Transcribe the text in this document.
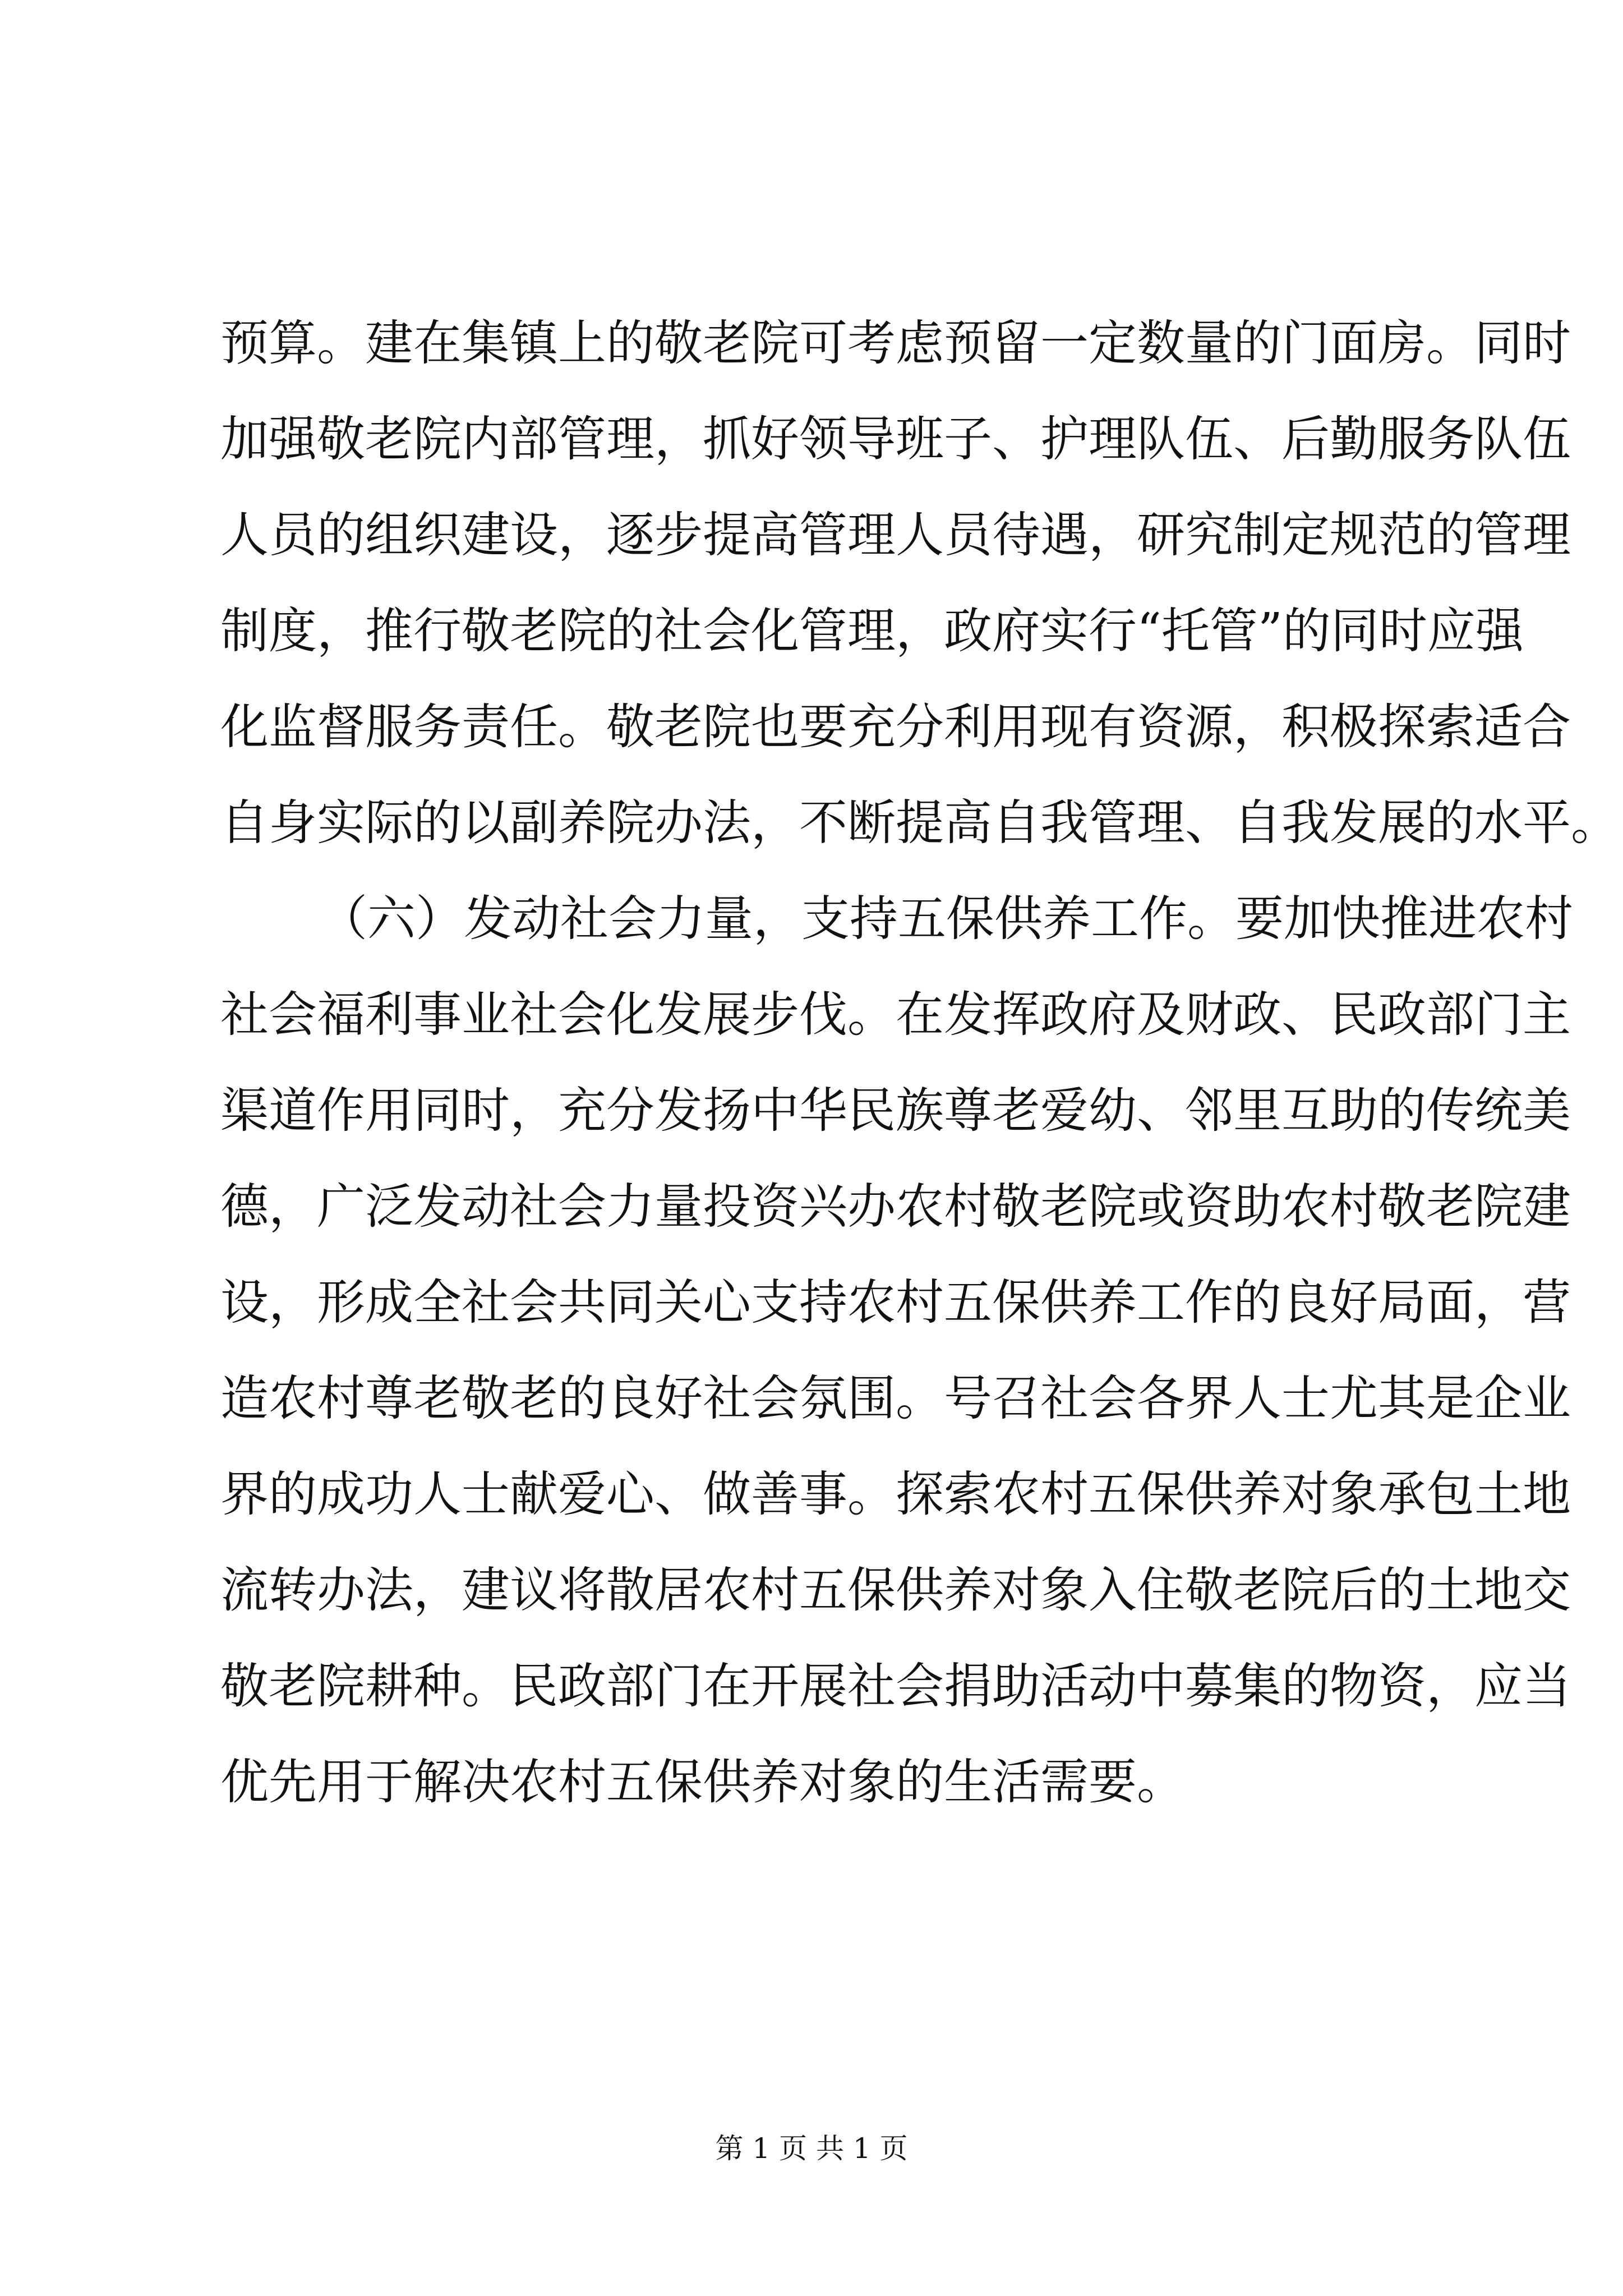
预算。建在集镇上的敬老院可考虑预留一定数量的门面房。同时
加强敬老院内部管理，抓好领导班子、护理队伍、后勤服务队伍
人员的组织建设，逐步提高管理人员待遇，研究制定规范的管理
制度，推行敬老院的社会化管理，政府实行“托管”的同时应强
化监督服务责任。敬老院也要充分利用现有资源，积极探索适合
自身实际的以副养院办法，不断提高自我管理、自我发展的水平。
（六）发动社会力量，支持五保供养工作。要加快推进农村
社会福利事业社会化发展步伐。在发挥政府及财政、民政部门主
渠道作用同时，充分发扬中华民族尊老爱幼、邻里互助的传统美
德，广泛发动社会力量投资兴办农村敬老院或资助农村敬老院建
设，形成全社会共同关心支持农村五保供养工作的良好局面，营
造农村尊老敬老的良好社会氛围。号召社会各界人士尤其是企业
界的成功人士献爱心、做善事。探索农村五保供养对象承包土地
流转办法，建议将散居农村五保供养对象入住敬老院后的土地交
敬老院耕种。民政部门在开展社会捐助活动中募集的物资，应当
优先用于解决农村五保供养对象的生活需要。
第 1 页 共 1 页
